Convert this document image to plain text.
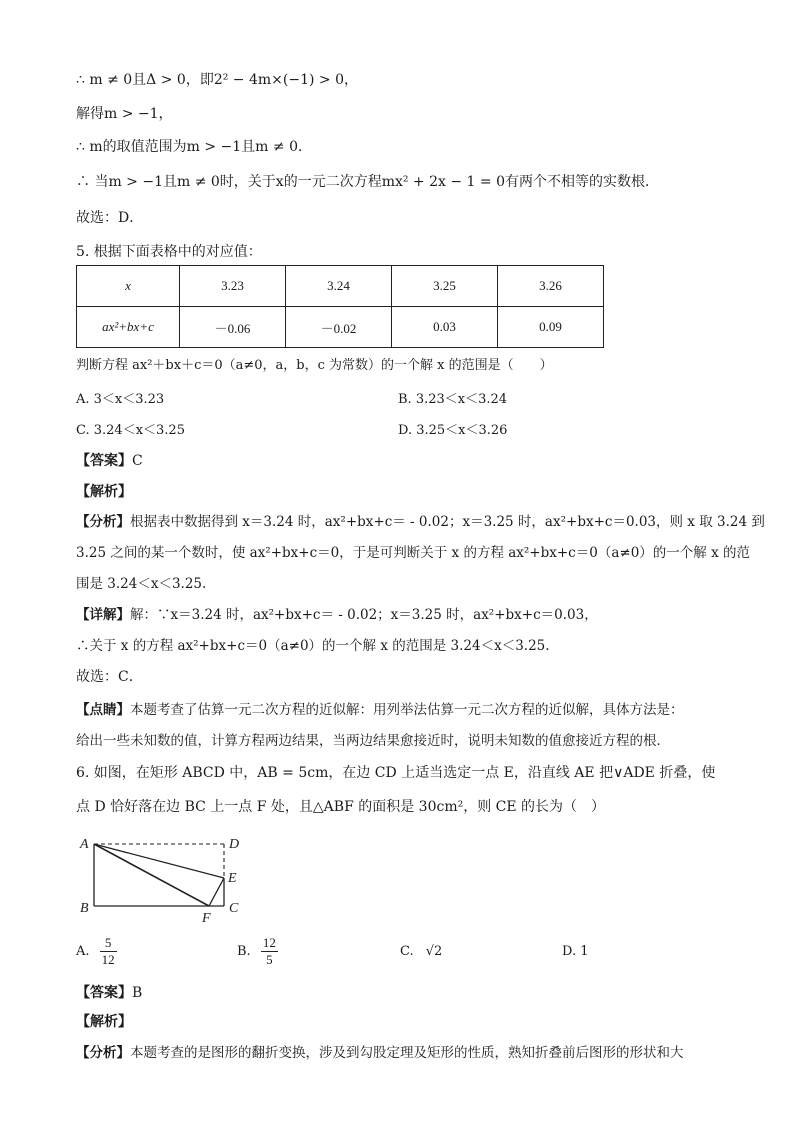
∴ m ≠ 0且Δ > 0，即2² − 4m×(−1) > 0，
解得m > −1，
∴ m的取值范围为m > −1且m ≠ 0.
∴ 当m > −1且m ≠ 0时，关于x的一元二次方程mx² + 2x − 1 = 0有两个不相等的实数根．
故选：D．
5. 根据下面表格中的对应值：
x	3.23	3.24	3.25	3.26
ax²+bx+c	－0.06	－0.02	0.03	0.09
判断方程 ax²＋bx＋c＝0（a≠0，a，b，c 为常数）的一个解 x 的范围是（　　）
A. 3＜x＜3.23	B. 3.23＜x＜3.24
C. 3.24＜x＜3.25	D. 3.25＜x＜3.26
【答案】C
【解析】
【分析】根据表中数据得到 x＝3.24 时，ax²+bx+c＝ - 0.02；x＝3.25 时，ax²+bx+c＝0.03，则 x 取 3.24 到
3.25 之间的某一个数时，使 ax²+bx+c＝0，于是可判断关于 x 的方程 ax²+bx+c＝0（a≠0）的一个解 x 的范
围是 3.24＜x＜3.25.
【详解】解：∵x＝3.24 时，ax²+bx+c＝ - 0.02；x＝3.25 时，ax²+bx+c＝0.03，
∴关于 x 的方程 ax²+bx+c＝0（a≠0）的一个解 x 的范围是 3.24＜x＜3.25.
故选：C．
【点睛】本题考查了估算一元二次方程的近似解：用列举法估算一元二次方程的近似解，具体方法是：
给出一些未知数的值，计算方程两边结果，当两边结果愈接近时，说明未知数的值愈接近方程的根．
6. 如图，在矩形 ABCD 中，AB = 5cm，在边 CD 上适当选定一点 E，沿直线 AE 把∨ADE 折叠，使
点 D 恰好落在边 BC 上一点 F 处，且△ABF 的面积是 30cm²，则 CE 的长为（　）
A	D
E
B	C
F
A. $\frac{5}{12}$	B. $\frac{12}{5}$	C. √2	D. 1
【答案】B
【解析】
【分析】本题考查的是图形的翻折变换，涉及到勾股定理及矩形的性质，熟知折叠前后图形的形状和大
